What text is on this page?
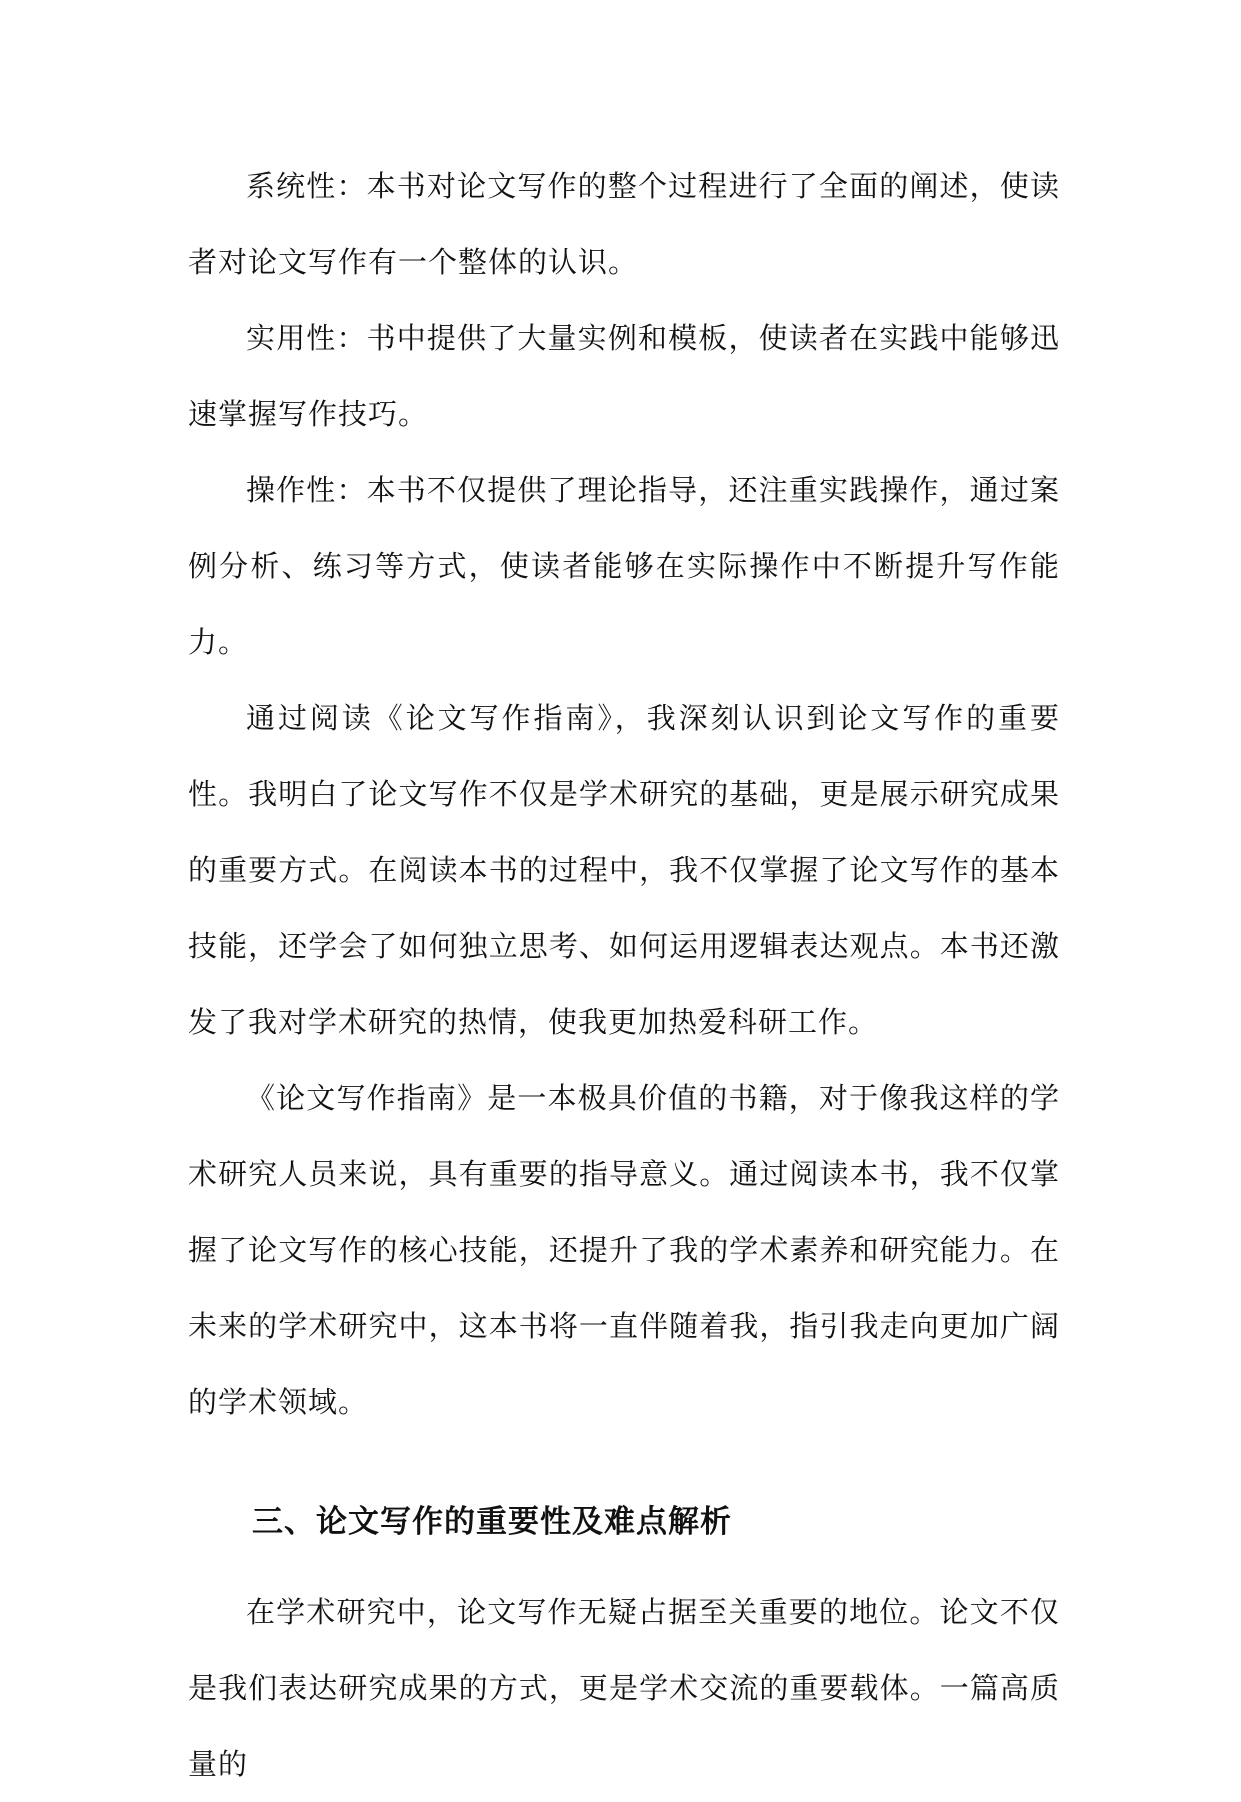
系统性：本书对论文写作的整个过程进行了全面的阐述，使读者对论文写作有一个整体的认识。

实用性：书中提供了大量实例和模板，使读者在实践中能够迅速掌握写作技巧。

操作性：本书不仅提供了理论指导，还注重实践操作，通过案例分析、练习等方式，使读者能够在实际操作中不断提升写作能力。

通过阅读《论文写作指南》，我深刻认识到论文写作的重要性。我明白了论文写作不仅是学术研究的基础，更是展示研究成果的重要方式。在阅读本书的过程中，我不仅掌握了论文写作的基本技能，还学会了如何独立思考、如何运用逻辑表达观点。本书还激发了我对学术研究的热情，使我更加热爱科研工作。

《论文写作指南》是一本极具价值的书籍，对于像我这样的学术研究人员来说，具有重要的指导意义。通过阅读本书，我不仅掌握了论文写作的核心技能，还提升了我的学术素养和研究能力。在未来的学术研究中，这本书将一直伴随着我，指引我走向更加广阔的学术领域。

三、论文写作的重要性及难点解析

在学术研究中，论文写作无疑占据至关重要的地位。论文不仅是我们表达研究成果的方式，更是学术交流的重要载体。一篇高质量的
